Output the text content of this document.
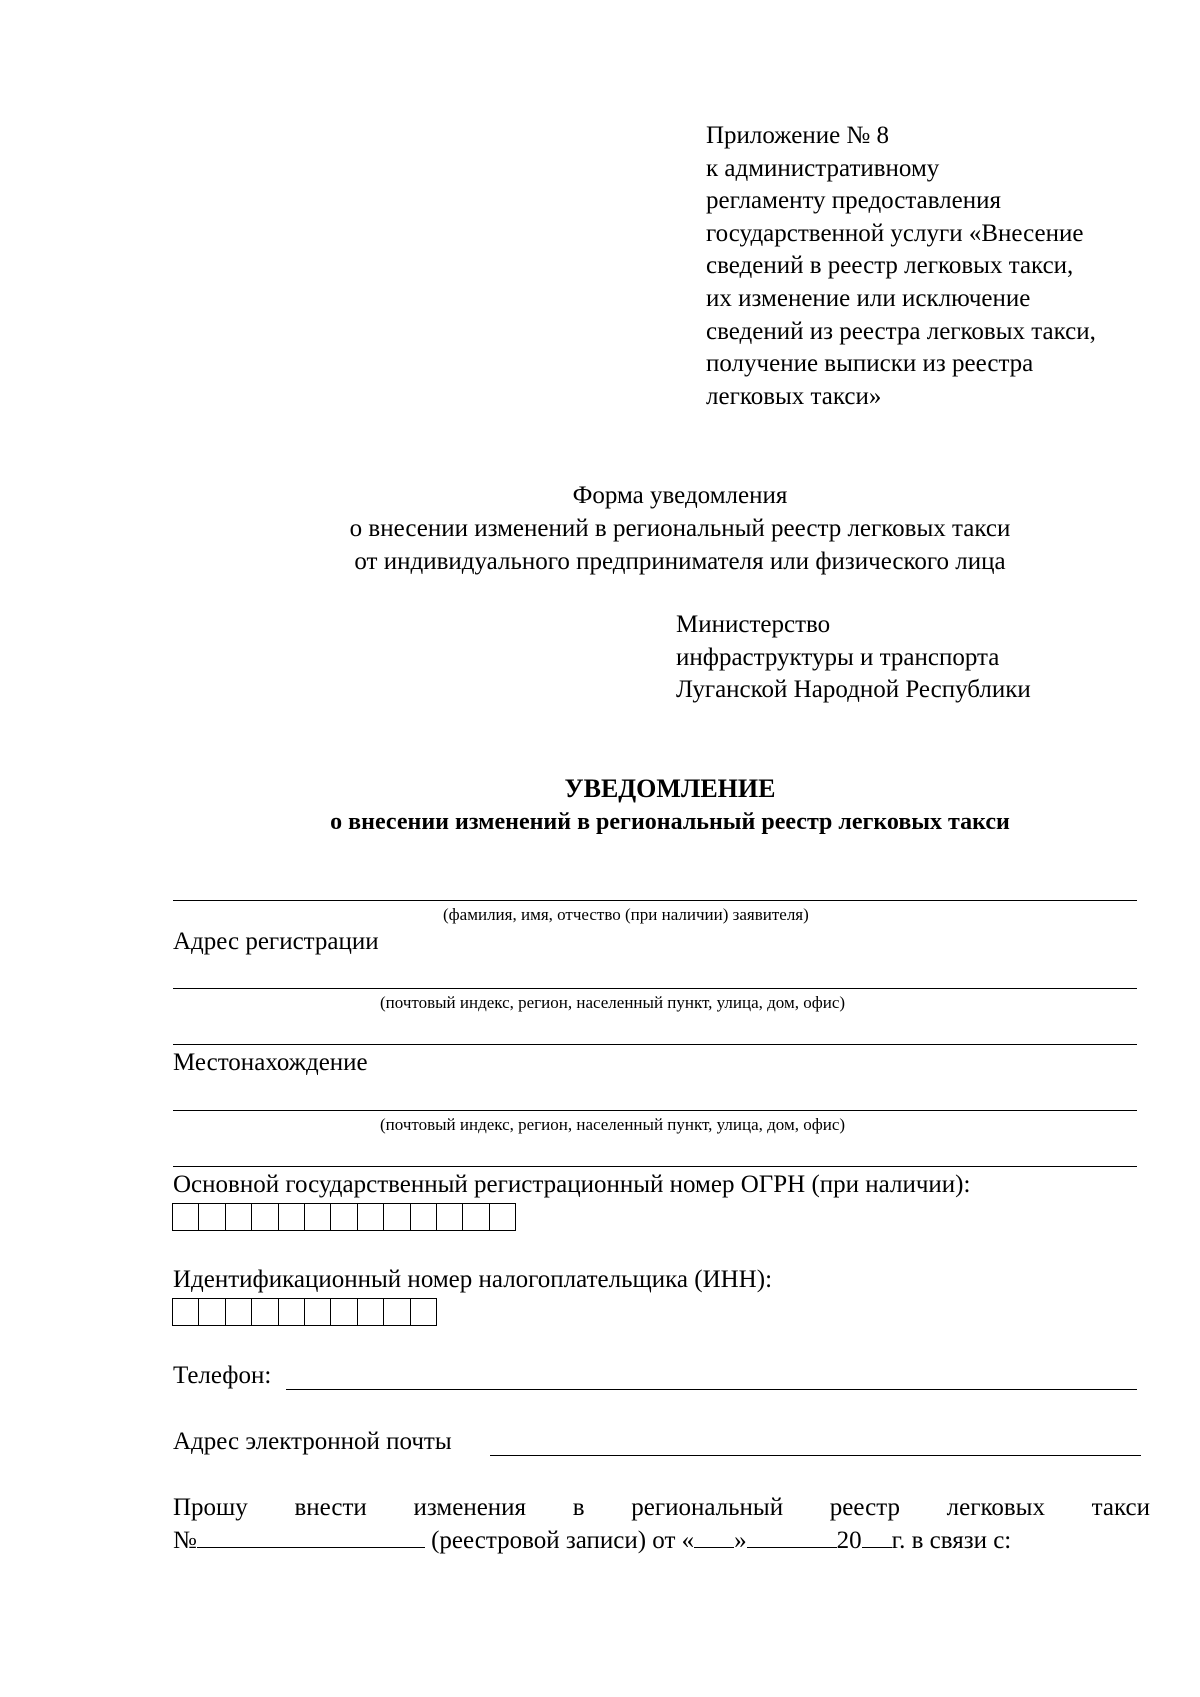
Приложение № 8
к административному
регламенту предоставления
государственной услуги «Внесение
сведений в реестр легковых такси,
их изменение или исключение
сведений из реестра легковых такси,
получение выписки из реестра
легковых такси»
Форма уведомления
о внесении изменений в региональный реестр легковых такси
от индивидуального предпринимателя или физического лица
Министерство
инфраструктуры и транспорта
Луганской Народной Республики
УВЕДОМЛЕНИЕ
о внесении изменений в региональный реестр легковых такси
(фамилия, имя, отчество (при наличии) заявителя)
Адрес регистрации
(почтовый индекс, регион, населенный пункт, улица, дом, офис)
Местонахождение
(почтовый индекс, регион, населенный пункт, улица, дом, офис)
Основной государственный регистрационный номер ОГРН (при наличии):
Идентификационный номер налогоплательщика (ИНН):
Телефон:
Адрес электронной почты
Прошу внести изменения в региональный реестр легковых такси
№	(реестровой записи) от « »	20 г. в связи с:
